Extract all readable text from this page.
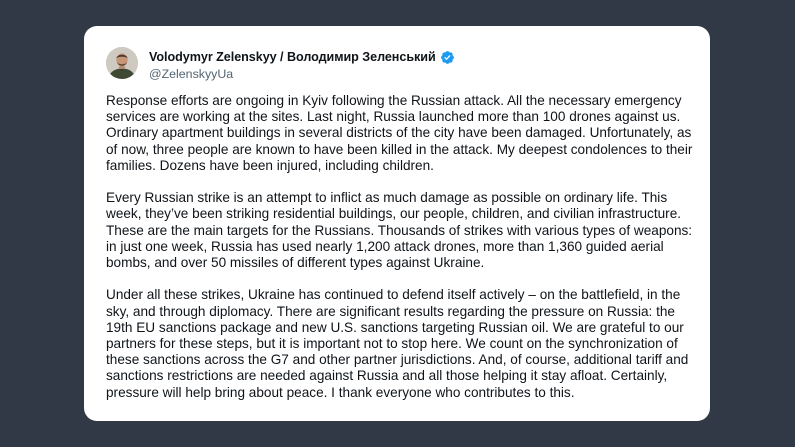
Volodymyr Zelenskyy / Володимир Зеленський
@ZelenskyyUa

Response efforts are ongoing in Kyiv following the Russian attack. All the necessary emergency services are working at the sites. Last night, Russia launched more than 100 drones against us. Ordinary apartment buildings in several districts of the city have been damaged. Unfortunately, as of now, three people are known to have been killed in the attack. My deepest condolences to their families. Dozens have been injured, including children.

Every Russian strike is an attempt to inflict as much damage as possible on ordinary life. This week, they’ve been striking residential buildings, our people, children, and civilian infrastructure. These are the main targets for the Russians. Thousands of strikes with various types of weapons: in just one week, Russia has used nearly 1,200 attack drones, more than 1,360 guided aerial bombs, and over 50 missiles of different types against Ukraine.

Under all these strikes, Ukraine has continued to defend itself actively – on the battlefield, in the sky, and through diplomacy. There are significant results regarding the pressure on Russia: the 19th EU sanctions package and new U.S. sanctions targeting Russian oil. We are grateful to our partners for these steps, but it is important not to stop here. We count on the synchronization of these sanctions across the G7 and other partner jurisdictions. And, of course, additional tariff and sanctions restrictions are needed against Russia and all those helping it stay afloat. Certainly, pressure will help bring about peace. I thank everyone who contributes to this.
